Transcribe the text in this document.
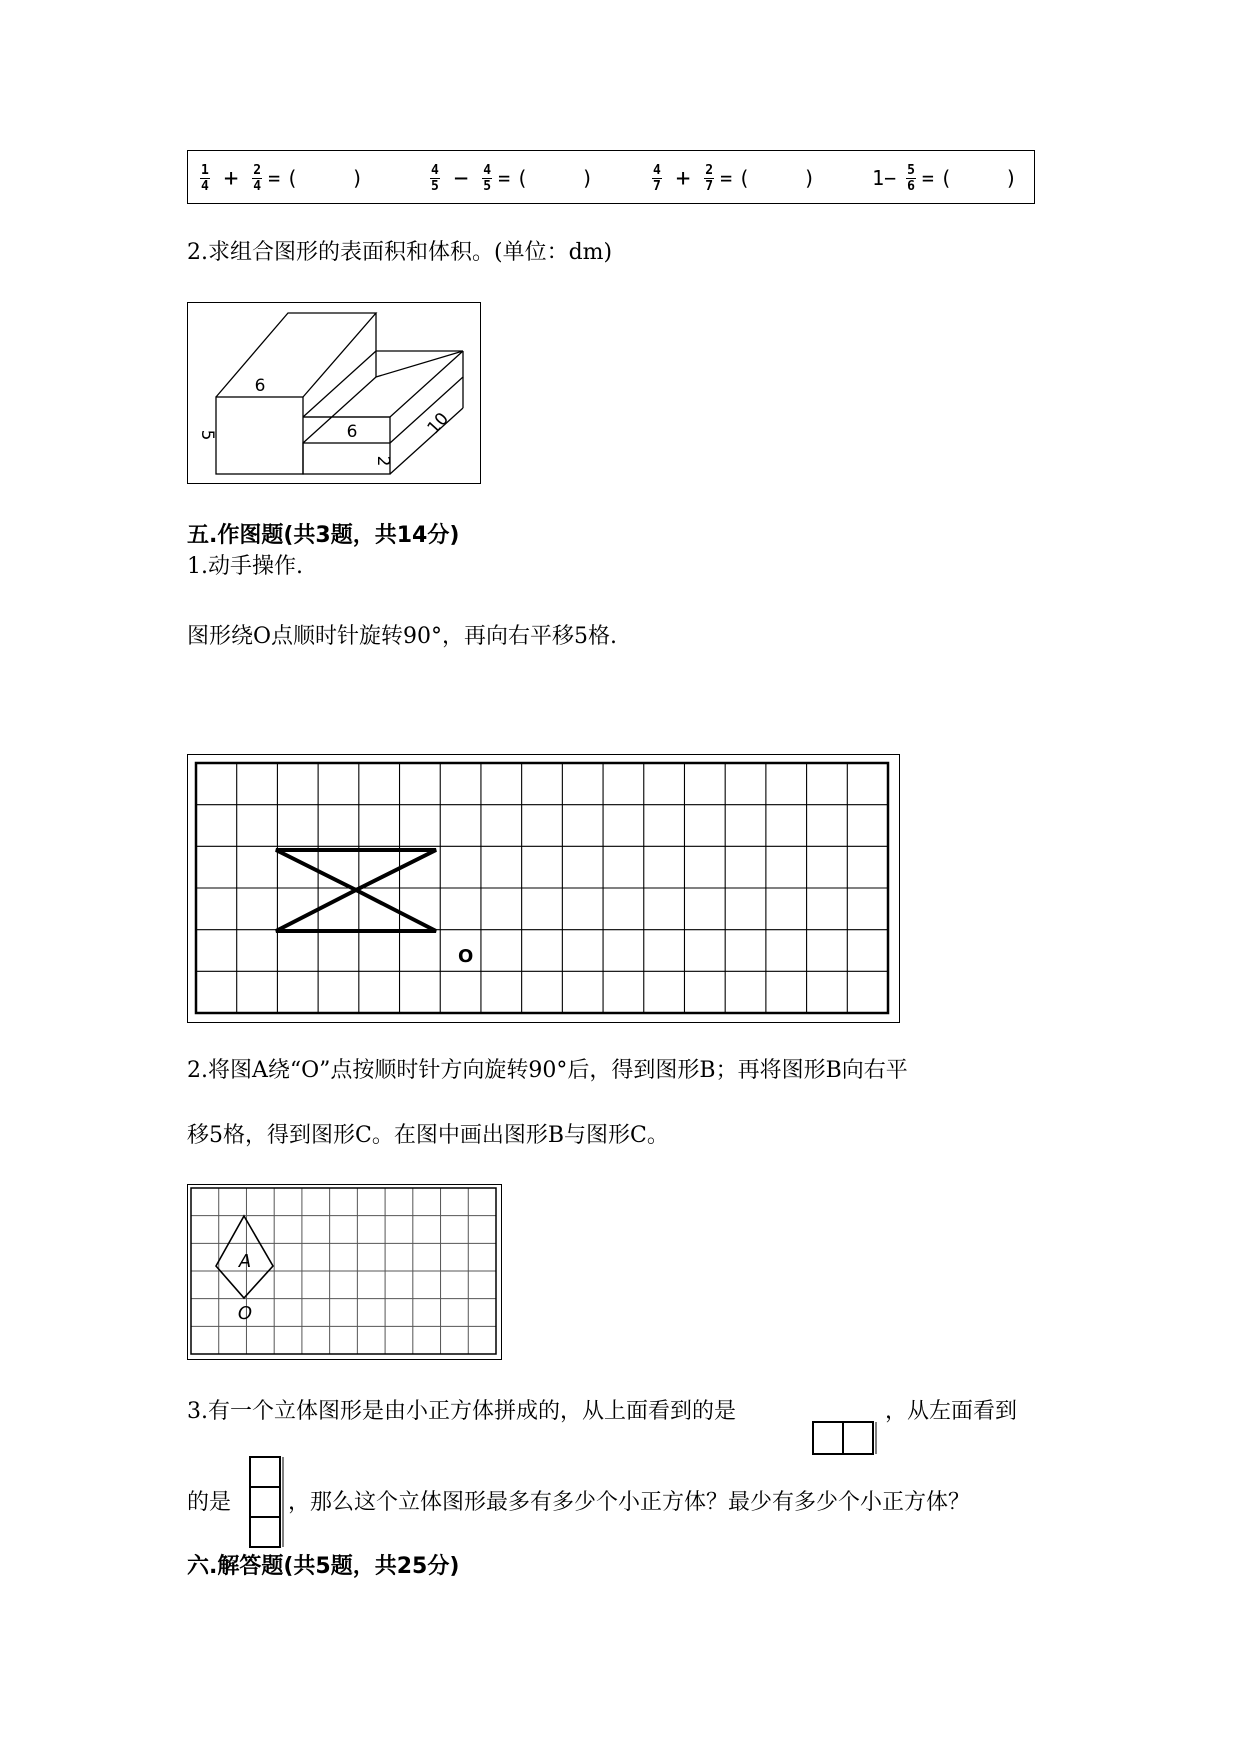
$\frac{1}{4} + \frac{2}{4}$ = (    )	$\frac{4}{5} - \frac{4}{5}$ = (    )	$\frac{4}{7} + \frac{2}{7}$ = (    )	$1- \frac{5}{6}$ = (    )
2.求组合图形的表面积和体积。(单位：dm)
6
5	6
2
10
五.作图题(共3题，共14分)
1.动手操作.
图形绕O点顺时针旋转90°，再向右平移5格.
O
2.将图A绕“O”点按顺时针方向旋转90°后，得到图形B；再将图形B向右平
移5格，得到图形C。在图中画出图形B与图形C。
A
O
3.有一个立体图形是由小正方体拼成的，从上面看到的是	，从左面看到
的是	，那么这个立体图形最多有多少个小正方体？最少有多少个小正方体？
六.解答题(共5题，共25分)
